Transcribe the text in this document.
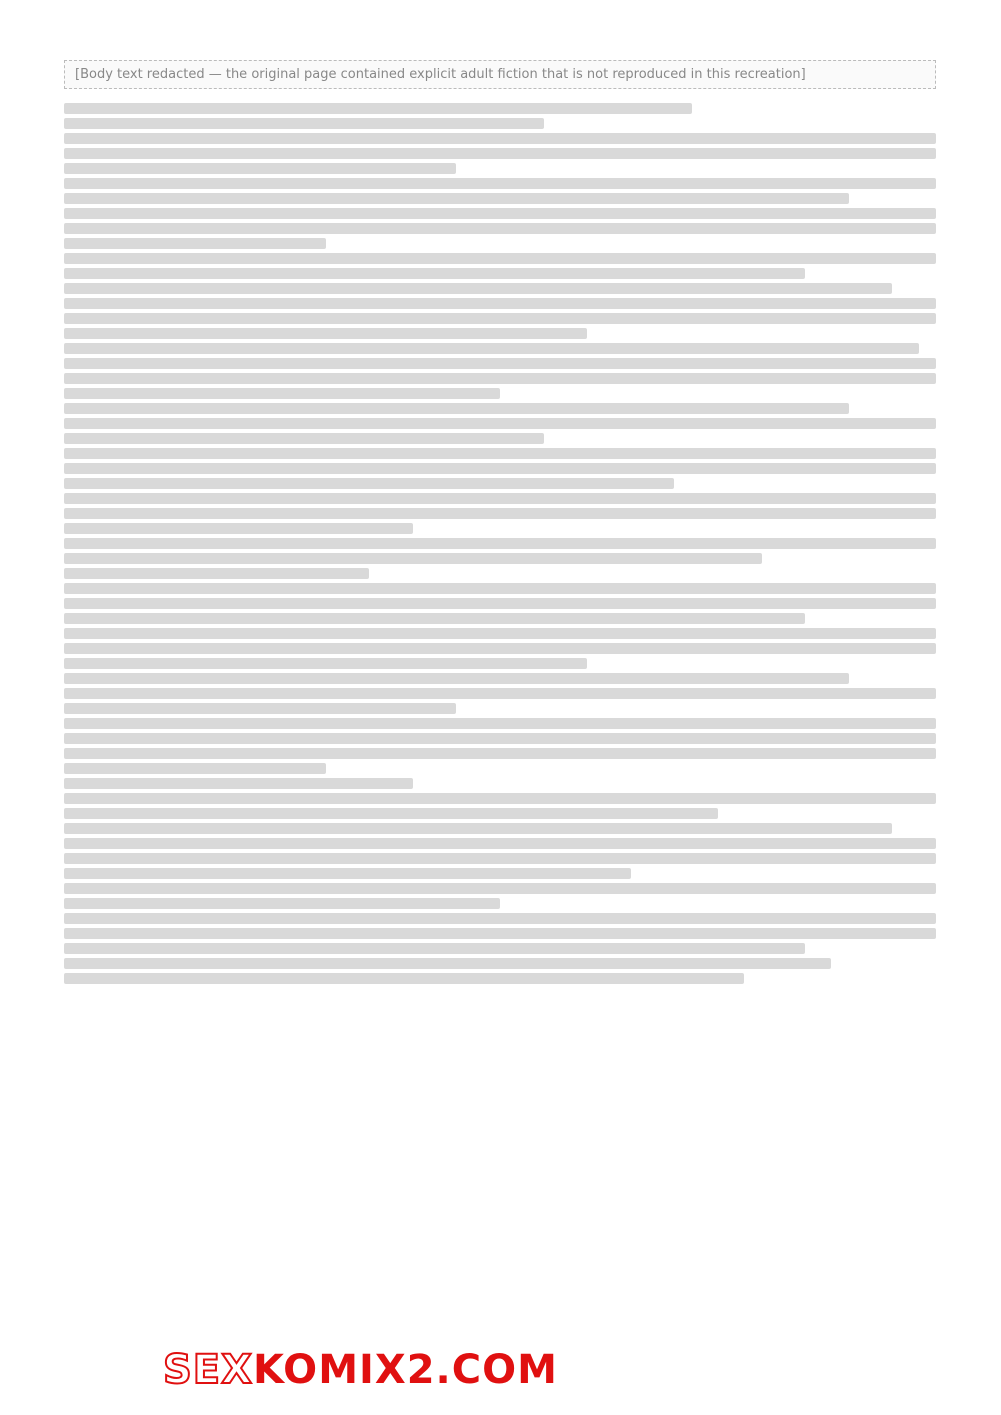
[Body text redacted — the original page contained explicit adult fiction that is not reproduced in this recreation]
SEXKOMIX2.COM
